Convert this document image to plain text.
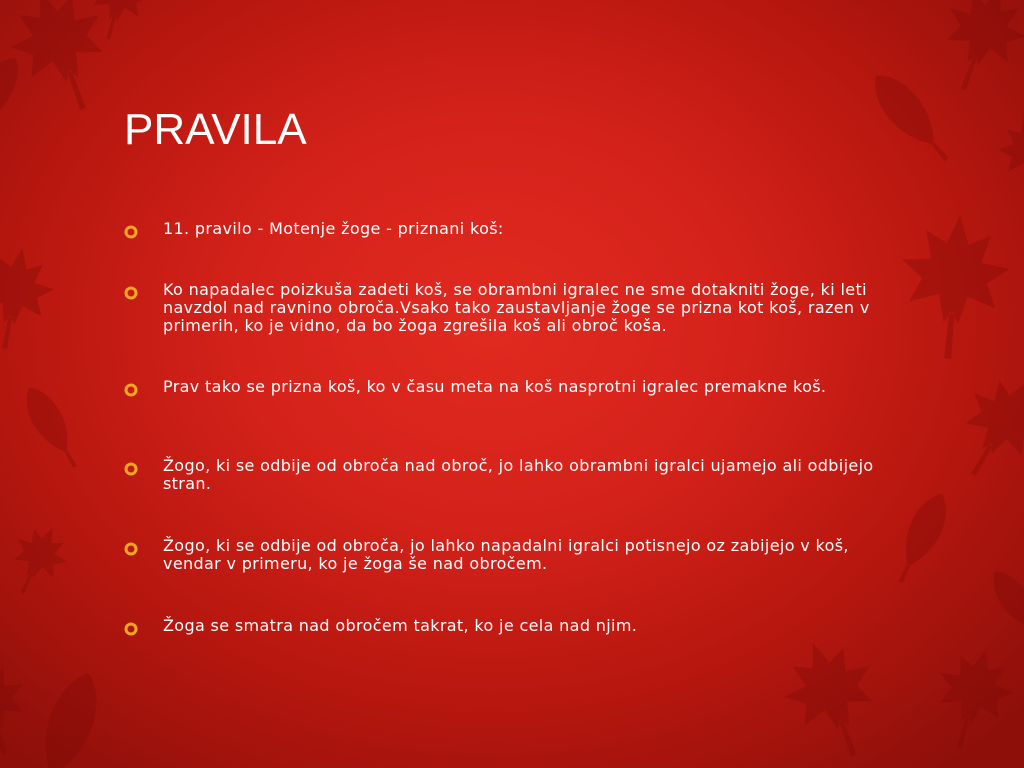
PRAVILA
11. pravilo - Motenje žoge - priznani koš:
Ko napadalec poizkuša zadeti koš, se obrambni igralec ne sme dotakniti žoge, ki leti navzdol nad ravnino obroča.Vsako tako zaustavljanje žoge se prizna kot koš, razen v primerih, ko je vidno, da bo žoga zgrešila koš ali obroč koša.
Prav tako se prizna koš, ko v času meta na koš nasprotni igralec premakne koš.
Žogo, ki se odbije od obroča nad obroč, jo lahko obrambni igralci ujamejo ali odbijejo stran.
Žogo, ki se odbije od obroča, jo lahko napadalni igralci potisnejo oz zabijejo v koš, vendar v primeru, ko je žoga še nad obročem.
Žoga se smatra nad obročem takrat, ko je cela nad njim.
